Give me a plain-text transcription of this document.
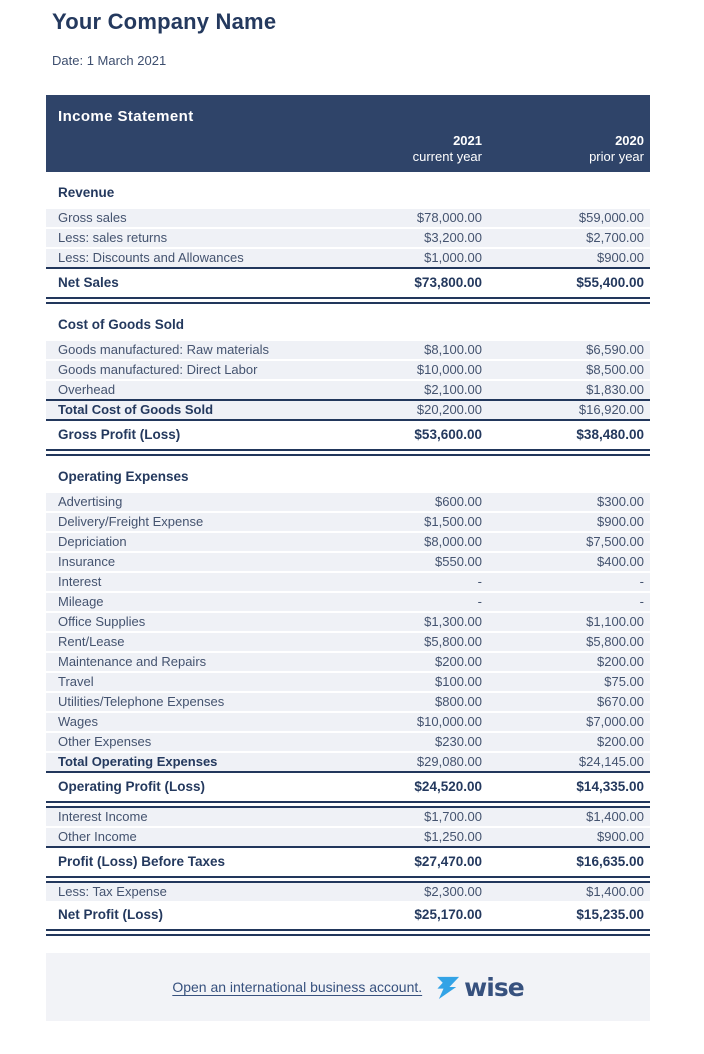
Your Company Name
Date: 1 March 2021
Income Statement
2021
current year
2020
prior year
Revenue
Gross sales	$78,000.00	$59,000.00
Less: sales returns	$3,200.00	$2,700.00
Less: Discounts and Allowances	$1,000.00	$900.00
Net Sales	$73,800.00	$55,400.00
Cost of Goods Sold
Goods manufactured: Raw materials	$8,100.00	$6,590.00
Goods manufactured: Direct Labor	$10,000.00	$8,500.00
Overhead	$2,100.00	$1,830.00
Total Cost of Goods Sold	$20,200.00	$16,920.00
Gross Profit (Loss)	$53,600.00	$38,480.00
Operating Expenses
Advertising	$600.00	$300.00
Delivery/Freight Expense	$1,500.00	$900.00
Depriciation	$8,000.00	$7,500.00
Insurance	$550.00	$400.00
Interest	-	-
Mileage	-	-
Office Supplies	$1,300.00	$1,100.00
Rent/Lease	$5,800.00	$5,800.00
Maintenance and Repairs	$200.00	$200.00
Travel	$100.00	$75.00
Utilities/Telephone Expenses	$800.00	$670.00
Wages	$10,000.00	$7,000.00
Other Expenses	$230.00	$200.00
Total Operating Expenses	$29,080.00	$24,145.00
Operating Profit (Loss)	$24,520.00	$14,335.00
Interest Income	$1,700.00	$1,400.00
Other Income	$1,250.00	$900.00
Profit (Loss) Before Taxes	$27,470.00	$16,635.00
Less: Tax Expense	$2,300.00	$1,400.00
Net Profit (Loss)	$25,170.00	$15,235.00
Open an international business account. wise
